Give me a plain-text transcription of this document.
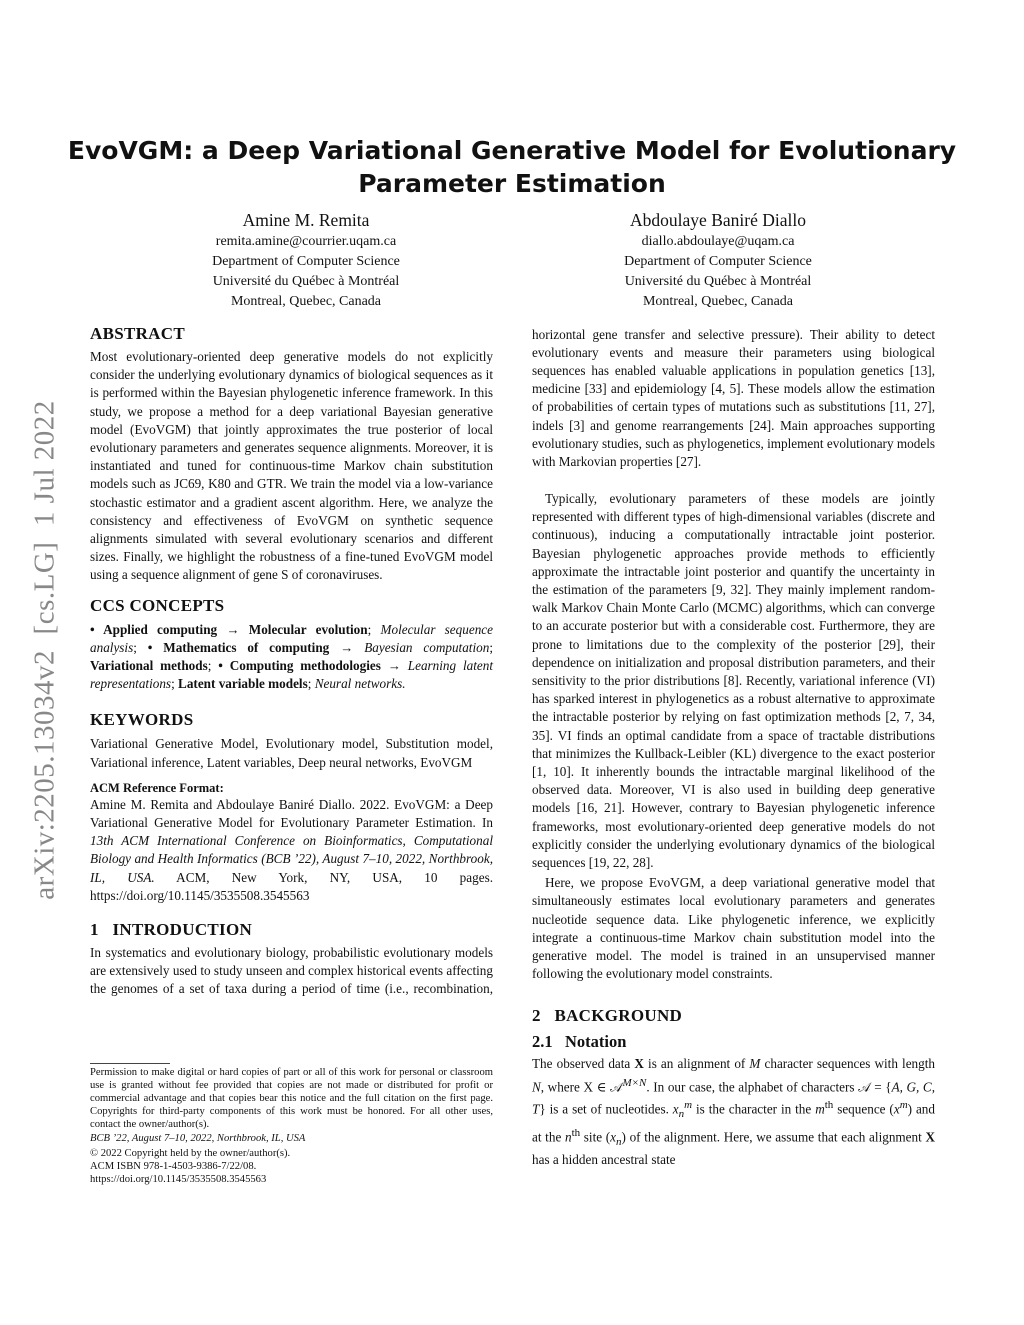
arXiv:2205.13034v2  [cs.LG]  1 Jul 2022
EvoVGM: a Deep Variational Generative Model for Evolutionary Parameter Estimation
Amine M. Remita
remita.amine@courrier.uqam.ca
Department of Computer Science
Université du Québec à Montréal
Montreal, Quebec, Canada
Abdoulaye Baniré Diallo
diallo.abdoulaye@uqam.ca
Department of Computer Science
Université du Québec à Montréal
Montreal, Quebec, Canada
ABSTRACT

Most evolutionary-oriented deep generative models do not explicitly consider the underlying evolutionary dynamics of biological sequences as it is performed within the Bayesian phylogenetic inference framework. In this study, we propose a method for a deep variational Bayesian generative model (EvoVGM) that jointly approximates the true posterior of local evolutionary parameters and generates sequence alignments. Moreover, it is instantiated and tuned for continuous-time Markov chain substitution models such as JC69, K80 and GTR. We train the model via a low-variance stochastic estimator and a gradient ascent algorithm. Here, we analyze the consistency and effectiveness of EvoVGM on synthetic sequence alignments simulated with several evolutionary scenarios and different sizes. Finally, we highlight the robustness of a fine-tuned EvoVGM model using a sequence alignment of gene S of coronaviruses.

CCS CONCEPTS

• Applied computing → Molecular evolution; Molecular sequence analysis; • Mathematics of computing → Bayesian computation; Variational methods; • Computing methodologies → Learning latent representations; Latent variable models; Neural networks.

KEYWORDS

Variational Generative Model, Evolutionary model, Substitution model, Variational inference, Latent variables, Deep neural networks, EvoVGM

ACM Reference Format:

Amine M. Remita and Abdoulaye Baniré Diallo. 2022. EvoVGM: a Deep Variational Generative Model for Evolutionary Parameter Estimation. In 13th ACM International Conference on Bioinformatics, Computational Biology and Health Informatics (BCB ’22), August 7–10, 2022, Northbrook, IL, USA. ACM, New York, NY, USA, 10 pages. https://doi.org/10.1145/3535508.3545563

1   INTRODUCTION

In systematics and evolutionary biology, probabilistic evolutionary models are extensively used to study unseen and complex historical events affecting the genomes of a set of taxa during a period of time (i.e., recombination,

Permission to make digital or hard copies of part or all of this work for personal or classroom use is granted without fee provided that copies are not made or distributed for profit or commercial advantage and that copies bear this notice and the full citation on the first page. Copyrights for third-party components of this work must be honored. For all other uses, contact the owner/author(s).

BCB ’22, August 7–10, 2022, Northbrook, IL, USA

© 2022 Copyright held by the owner/author(s).

ACM ISBN 978-1-4503-9386-7/22/08.

https://doi.org/10.1145/3535508.3545563

horizontal gene transfer and selective pressure). Their ability to detect evolutionary events and measure their parameters using biological sequences has enabled valuable applications in population genetics [13], medicine [33] and epidemiology [4, 5]. These models allow the estimation of probabilities of certain types of mutations such as substitutions [11, 27], indels [3] and genome rearrangements [24]. Main approaches supporting evolutionary studies, such as phylogenetics, implement evolutionary models with Markovian properties [27].

Typically, evolutionary parameters of these models are jointly represented with different types of high-dimensional variables (discrete and continuous), inducing a computationally intractable joint posterior. Bayesian phylogenetic approaches provide methods to efficiently approximate the intractable joint posterior and quantify the uncertainty in the estimation of the parameters [9, 32]. They mainly implement random-walk Markov Chain Monte Carlo (MCMC) algorithms, which can converge to an accurate posterior but with a considerable cost. Furthermore, they are prone to limitations due to the complexity of the posterior [29], their dependence on initialization and proposal distribution parameters, and their sensitivity to the prior distributions [8]. Recently, variational inference (VI) has sparked interest in phylogenetics as a robust alternative to approximate the intractable posterior by relying on fast optimization methods [2, 7, 34, 35]. VI finds an optimal candidate from a space of tractable distributions that minimizes the Kullback-Leibler (KL) divergence to the exact posterior [1, 10]. It inherently bounds the intractable marginal likelihood of the observed data. Moreover, VI is also used in building deep generative models [16, 21]. However, contrary to Bayesian phylogenetic inference frameworks, most evolutionary-oriented deep generative models do not explicitly consider the underlying evolutionary dynamics of the biological sequences [19, 22, 28].

Here, we propose EvoVGM, a deep variational generative model that simultaneously estimates local evolutionary parameters and generates nucleotide sequence data. Like phylogenetic inference, we explicitly integrate a continuous-time Markov chain substitution model into the generative model. The model is trained in an unsupervised manner following the evolutionary model constraints.

2   BACKGROUND
2.1   Notation

The observed data X is an alignment of M character sequences with length N, where X ∈ 𝒜$^{M\times N}$. In our case, the alphabet of characters 𝒜 = {A, G, C, T} is a set of nucleotides. $x_n^m$ is the character in the $m^{th}$ sequence $(x^m)$ and at the $n^{th}$ site $(x_n)$ of the alignment. Here, we assume that each alignment X has a hidden ancestral state
